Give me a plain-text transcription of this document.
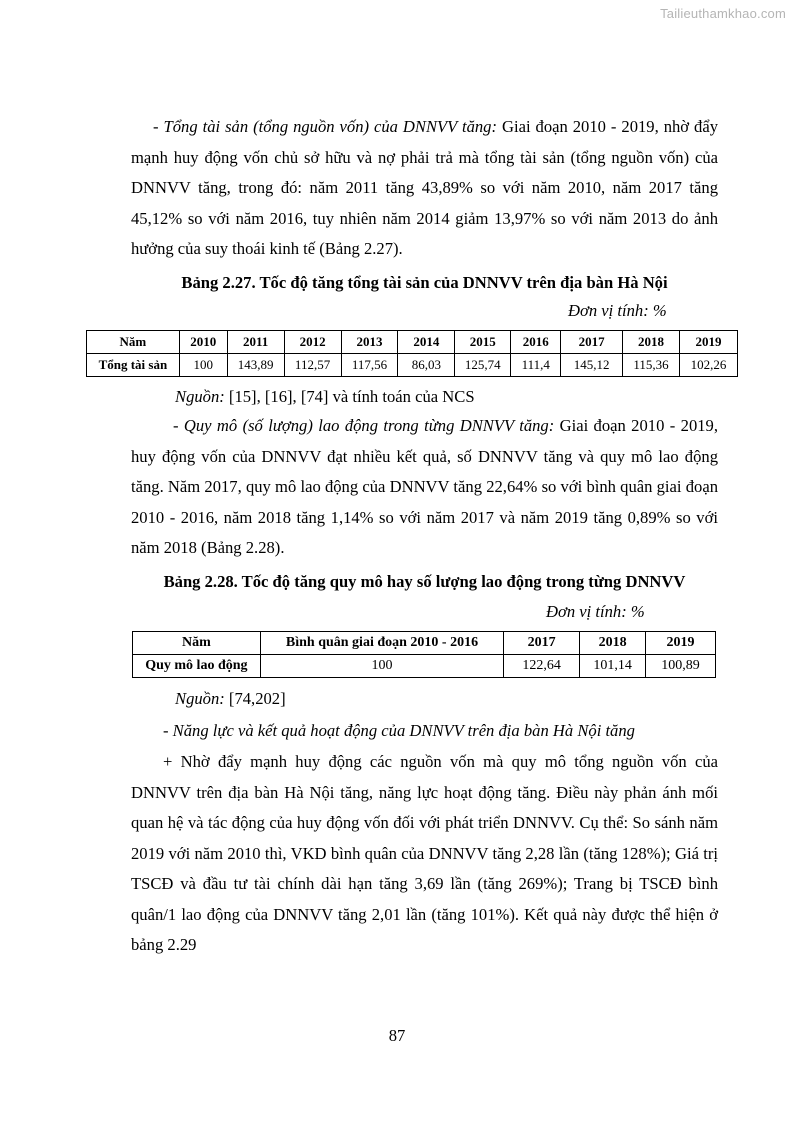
Tailieuthamkhao.com

- Tổng tài sản (tổng nguồn vốn) của DNNVV tăng: Giai đoạn 2010 - 2019, nhờ đẩy mạnh huy động vốn chủ sở hữu và nợ phải trả mà tổng tài sản (tổng nguồn vốn) của DNNVV tăng, trong đó: năm 2011 tăng 43,89% so với năm 2010, năm 2017 tăng 45,12% so với năm 2016, tuy nhiên năm 2014 giảm 13,97% so với năm 2013 do ảnh hưởng của suy thoái kinh tế (Bảng 2.27).

Bảng 2.27. Tốc độ tăng tổng tài sản của DNNVV trên địa bàn Hà Nội

Đơn vị tính: %
Năm	2010	2011	2012	2013	2014	2015	2016	2017	2018	2019
Tổng tài sản	100	143,89	112,57	117,56	86,03	125,74	111,4	145,12	115,36	102,26
Nguồn: [15], [16], [74] và tính toán của NCS

- Quy mô (số lượng) lao động trong từng DNNVV tăng: Giai đoạn 2010 - 2019, huy động vốn của DNNVV đạt nhiều kết quả, số DNNVV tăng và quy mô lao động tăng. Năm 2017, quy mô lao động của DNNVV tăng 22,64% so với bình quân giai đoạn 2010 - 2016, năm 2018 tăng 1,14% so với năm 2017 và năm 2019 tăng 0,89% so với năm 2018 (Bảng 2.28).

Bảng 2.28. Tốc độ tăng quy mô hay số lượng lao động trong từng DNNVV

Đơn vị tính: %
Năm	Bình quân giai đoạn 2010 - 2016	2017	2018	2019
Quy mô lao động	100	122,64	101,14	100,89
Nguồn: [74,202]

- Năng lực và kết quả hoạt động của DNNVV trên địa bàn Hà Nội tăng

+ Nhờ đẩy mạnh huy động các nguồn vốn mà quy mô tổng nguồn vốn của DNNVV trên địa bàn Hà Nội tăng, năng lực hoạt động tăng. Điều này phản ánh mối quan hệ và tác động của huy động vốn đối với phát triển DNNVV. Cụ thể: So sánh năm 2019 với năm 2010 thì, VKD bình quân của DNNVV tăng 2,28 lần (tăng 128%); Giá trị TSCĐ và đầu tư tài chính dài hạn tăng 3,69 lần (tăng 269%); Trang bị TSCĐ bình quân/1 lao động của DNNVV tăng 2,01 lần (tăng 101%). Kết quả này được thể hiện ở bảng 2.29

87
